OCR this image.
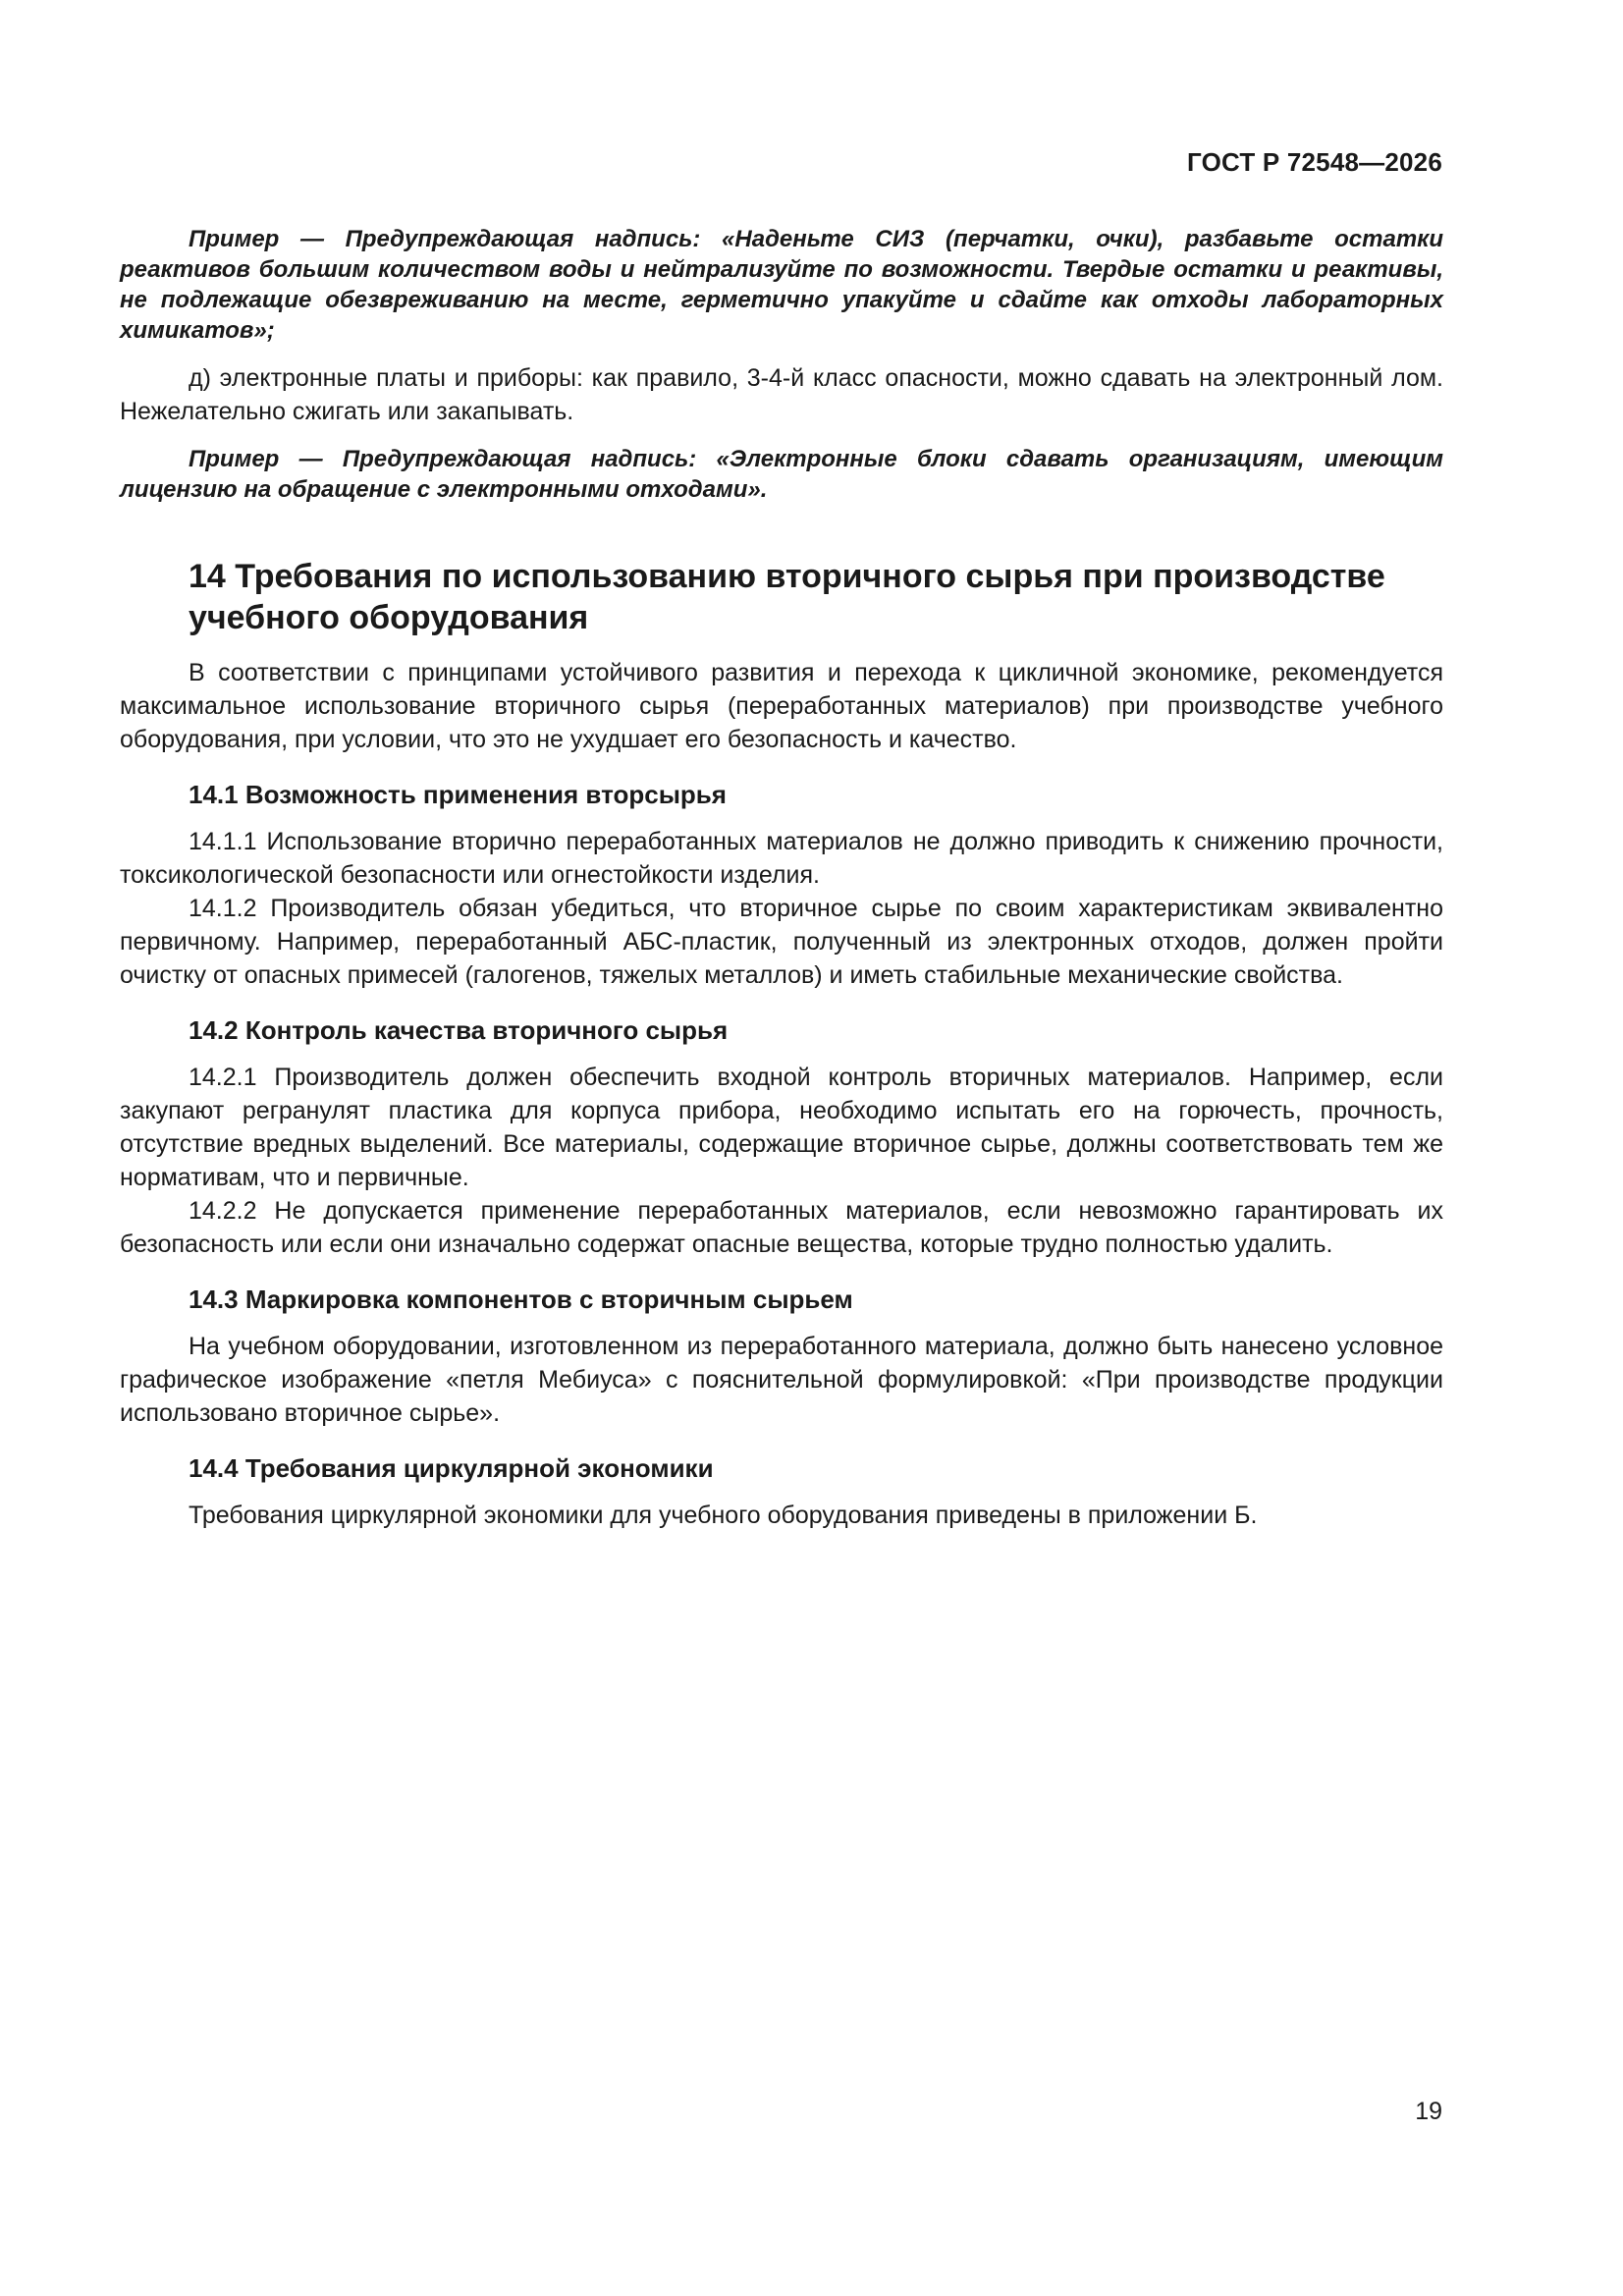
ГОСТ Р 72548—2026

Пример — Предупреждающая надпись: «Наденьте СИЗ (перчатки, очки), разбавьте остатки реактивов большим количеством воды и нейтрализуйте по возможности. Твердые остатки и реактивы, не подлежащие обезвреживанию на месте, герметично упакуйте и сдайте как отходы лабораторных химикатов»;

д) электронные платы и приборы: как правило, 3-4-й класс опасности, можно сдавать на электронный лом. Нежелательно сжигать или закапывать.

Пример — Предупреждающая надпись: «Электронные блоки сдавать организациям, имеющим лицензию на обращение с электронными отходами».

14 Требования по использованию вторичного сырья при производстве
учебного оборудования

В соответствии с принципами устойчивого развития и перехода к цикличной экономике, рекомендуется максимальное использование вторичного сырья (переработанных материалов) при производстве учебного оборудования, при условии, что это не ухудшает его безопасность и качество.

14.1 Возможность применения вторсырья

14.1.1 Использование вторично переработанных материалов не должно приводить к снижению прочности, токсикологической безопасности или огнестойкости изделия.

14.1.2 Производитель обязан убедиться, что вторичное сырье по своим характеристикам эквивалентно первичному. Например, переработанный АБС-пластик, полученный из электронных отходов, должен пройти очистку от опасных примесей (галогенов, тяжелых металлов) и иметь стабильные механические свойства.

14.2 Контроль качества вторичного сырья

14.2.1 Производитель должен обеспечить входной контроль вторичных материалов. Например, если закупают регранулят пластика для корпуса прибора, необходимо испытать его на горючесть, прочность, отсутствие вредных выделений. Все материалы, содержащие вторичное сырье, должны соответствовать тем же нормативам, что и первичные.

14.2.2 Не допускается применение переработанных материалов, если невозможно гарантировать их безопасность или если они изначально содержат опасные вещества, которые трудно полностью удалить.

14.3 Маркировка компонентов с вторичным сырьем

На учебном оборудовании, изготовленном из переработанного материала, должно быть нанесено условное графическое изображение «петля Мебиуса» с пояснительной формулировкой: «При производстве продукции использовано вторичное сырье».

14.4 Требования циркулярной экономики

Требования циркулярной экономики для учебного оборудования приведены в приложении Б.

19
